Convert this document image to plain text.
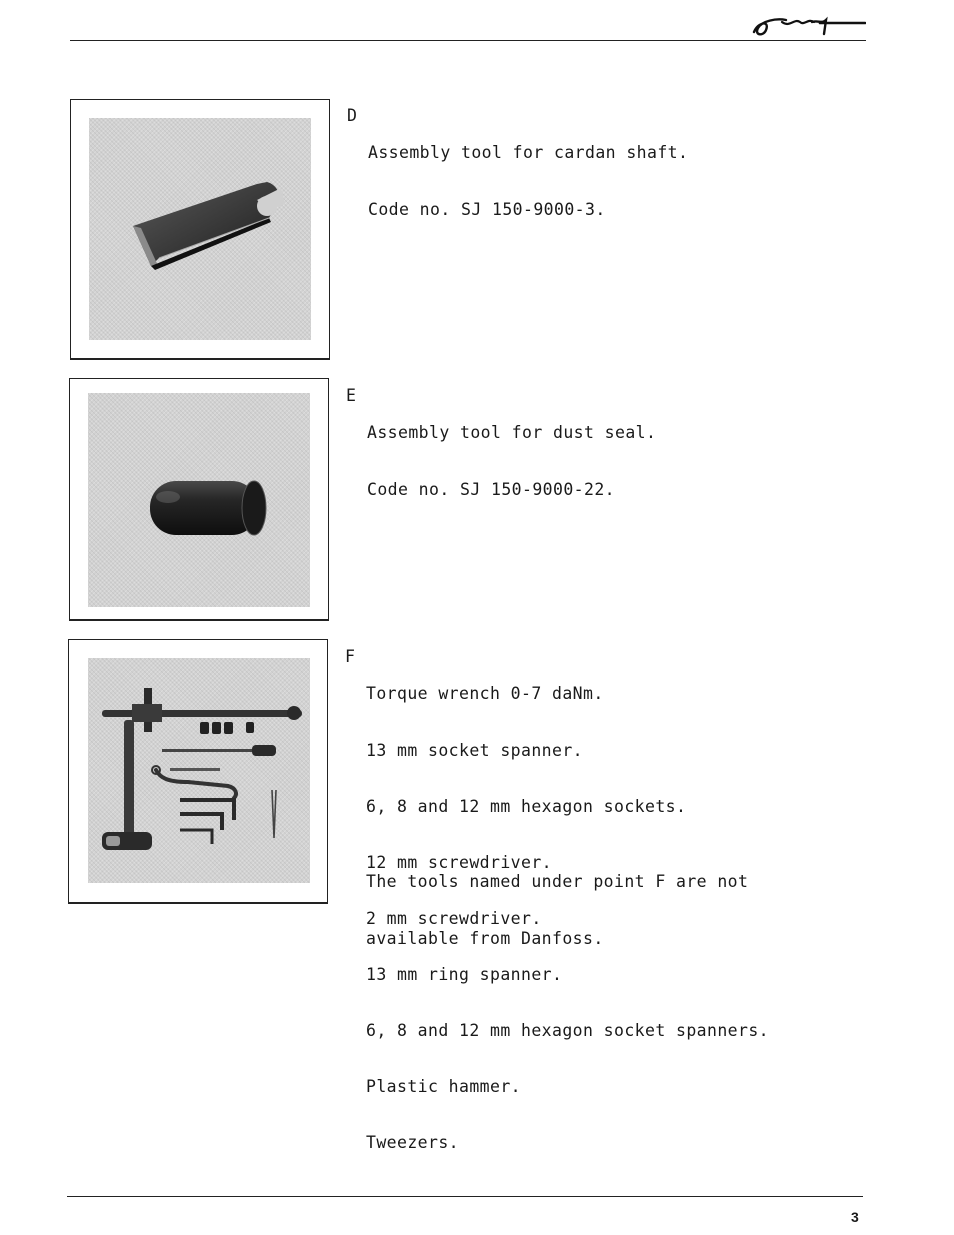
D

Assembly tool for cardan shaft.

Code no. SJ 150-9000-3.

E

Assembly tool for dust seal.

Code no. SJ 150-9000-22.

F

Torque wrench 0-7 daNm.

13 mm socket spanner.

6, 8 and 12 mm hexagon sockets.

12 mm screwdriver.

2 mm screwdriver.

13 mm ring spanner.

6, 8 and 12 mm hexagon socket spanners.

Plastic hammer.

Tweezers.

The tools named under point F are not

available from Danfoss.

3
